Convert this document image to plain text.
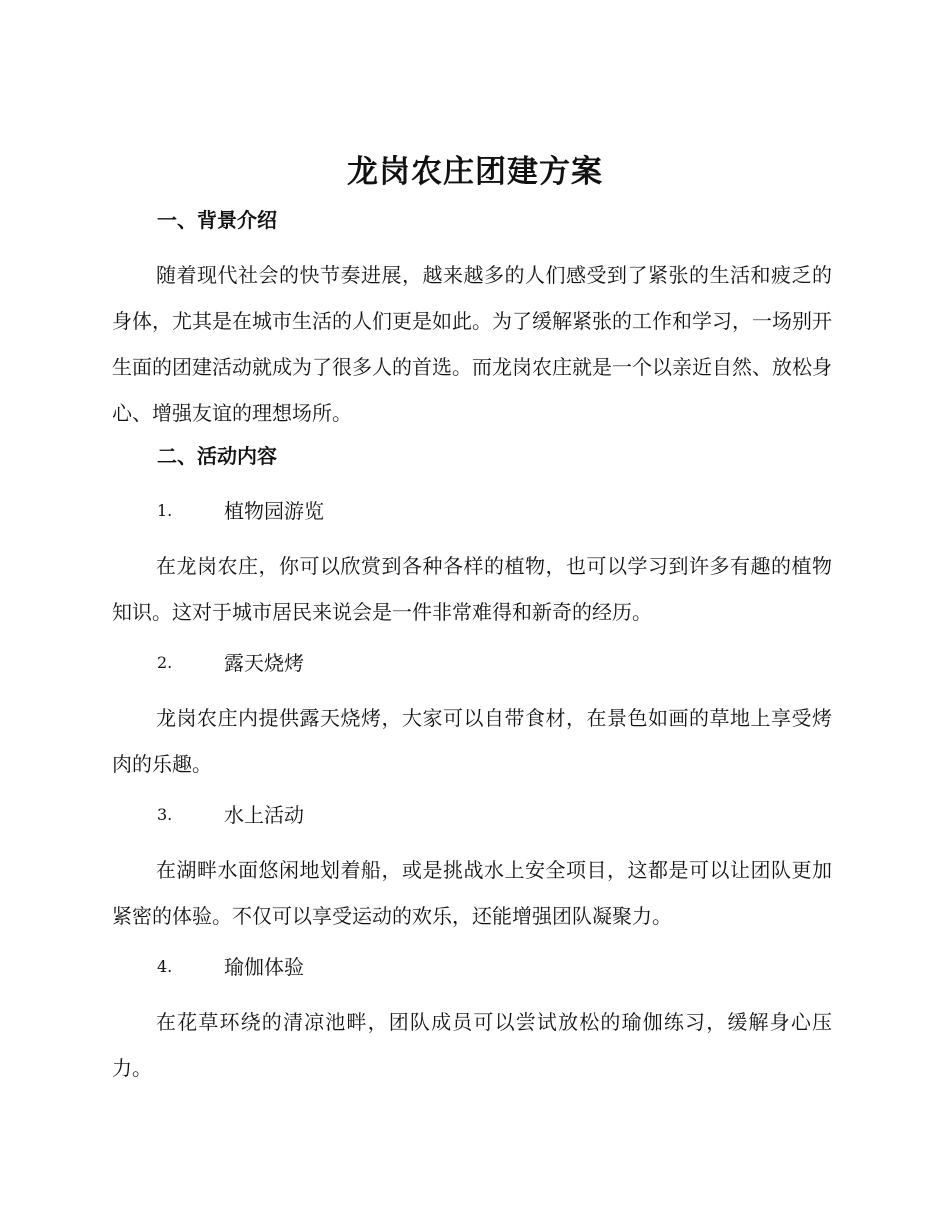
龙岗农庄团建方案
一、背景介绍

随着现代社会的快节奏进展，越来越多的人们感受到了紧张的生活和疲乏的身体，尤其是在城市生活的人们更是如此。为了缓解紧张的工作和学习，一场别开生面的团建活动就成为了很多人的首选。而龙岗农庄就是一个以亲近自然、放松身心、增强友谊的理想场所。

二、活动内容
1.	植物园游览

在龙岗农庄，你可以欣赏到各种各样的植物，也可以学习到许多有趣的植物知识。这对于城市居民来说会是一件非常难得和新奇的经历。

2.	露天烧烤

龙岗农庄内提供露天烧烤，大家可以自带食材，在景色如画的草地上享受烤肉的乐趣。

3.	水上活动

在湖畔水面悠闲地划着船，或是挑战水上安全项目，这都是可以让团队更加紧密的体验。不仅可以享受运动的欢乐，还能增强团队凝聚力。

4.	瑜伽体验

在花草环绕的清凉池畔，团队成员可以尝试放松的瑜伽练习，缓解身心压力。
